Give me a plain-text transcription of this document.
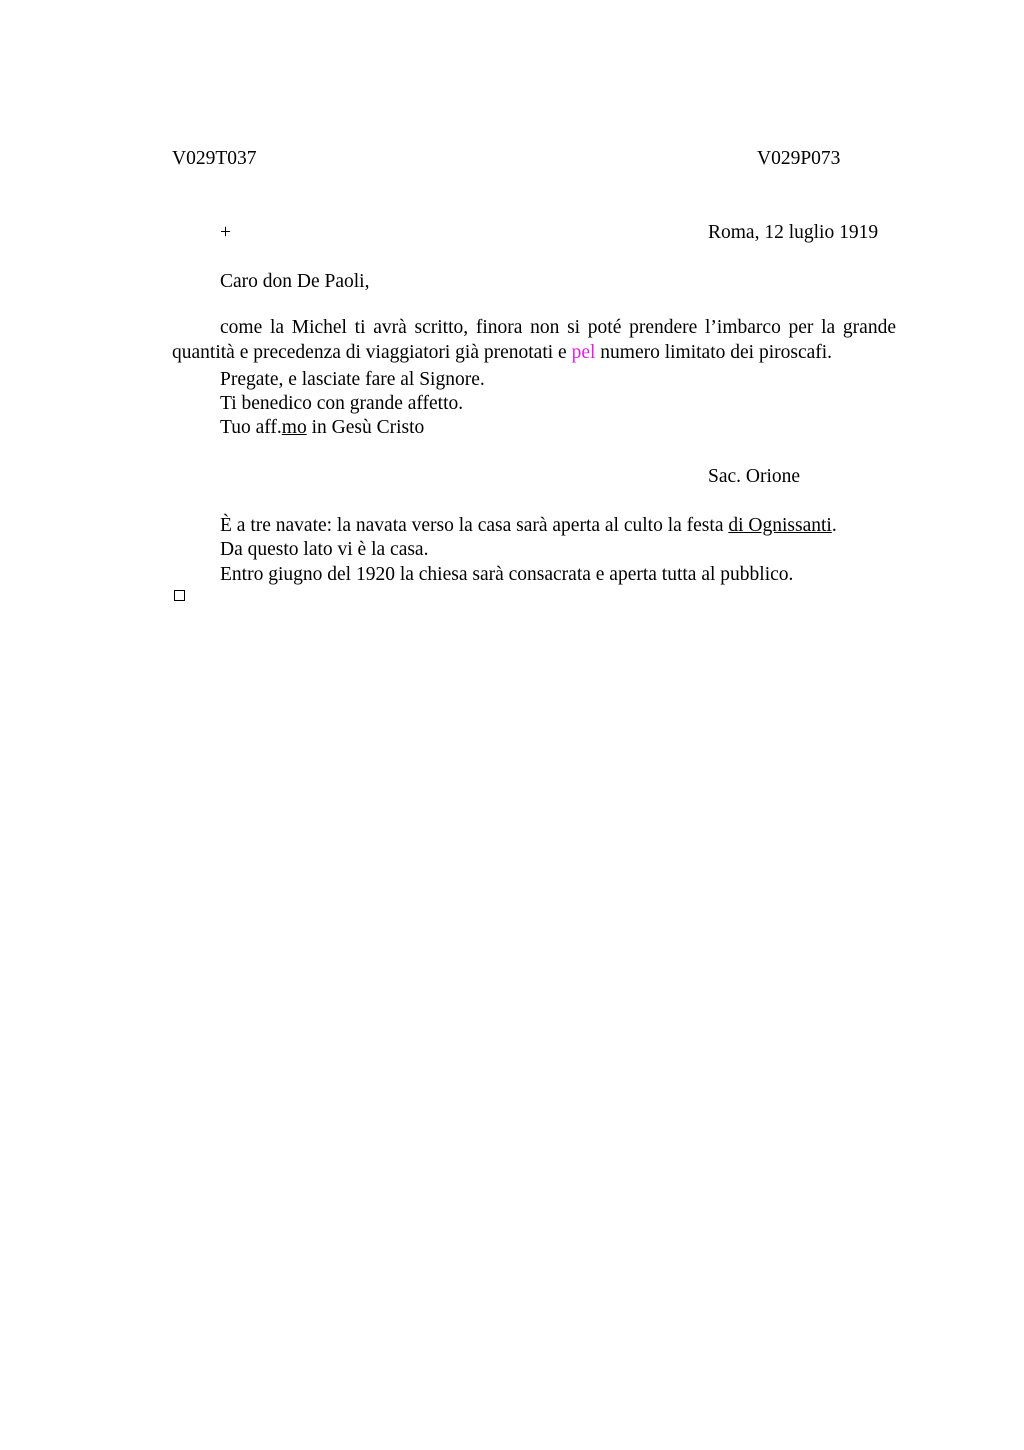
V029T037	V029P073
+	Roma, 12 luglio 1919
Caro don De Paoli,

come la Michel ti avrà scritto, finora non si poté prendere l’imbarco per la grande quantità e precedenza di viaggiatori già prenotati e pel numero limitato dei piroscafi.

Pregate, e lasciate fare al Signore.
Ti benedico con grande affetto.
Tuo aff.mo in Gesù Cristo
Sac. Orione
È a tre navate: la navata verso la casa sarà aperta al culto la festa di Ognissanti.
Da questo lato vi è la casa.
Entro giugno del 1920 la chiesa sarà consacrata e aperta tutta al pubblico.
